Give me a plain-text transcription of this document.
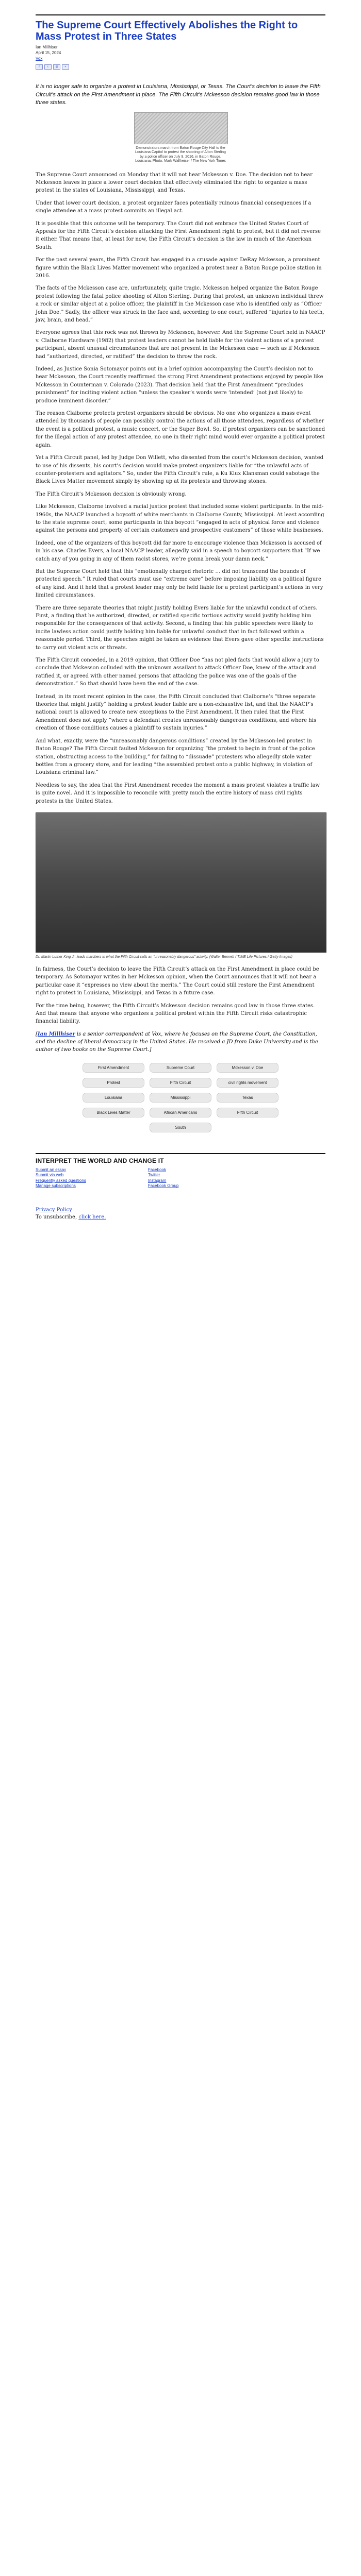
The Supreme Court Effectively Abolishes the Right to Mass Protest in Three States
Ian Millhiser
April 15, 2024
Vox
f	t	@	+

It is no longer safe to organize a protest in Louisiana, Mississippi, or Texas. The Court’s decision to leave the Fifth Circuit’s attack on the First Amendment in place. The Fifth Circuit’s Mckesson decision remains good law in those three states.

Demonstrators march from Baton Rouge City Hall to the Louisiana Capitol to protest the shooting of Alton Sterling by a police officer on July 9, 2016, in Baton Rouge, Louisiana. Photo: Mark Wallheiser / The New York Times

The Supreme Court announced on Monday that it will not hear Mckesson v. Doe. The decision not to hear Mckesson leaves in place a lower court decision that effectively eliminated the right to organize a mass protest in the states of Louisiana, Mississippi, and Texas.

Under that lower court decision, a protest organizer faces potentially ruinous financial consequences if a single attendee at a mass protest commits an illegal act.

It is possible that this outcome will be temporary. The Court did not embrace the United States Court of Appeals for the Fifth Circuit’s decision attacking the First Amendment right to protest, but it did not reverse it either. That means that, at least for now, the Fifth Circuit’s decision is the law in much of the American South.

For the past several years, the Fifth Circuit has engaged in a crusade against DeRay Mckesson, a prominent figure within the Black Lives Matter movement who organized a protest near a Baton Rouge police station in 2016.

The facts of the Mckesson case are, unfortunately, quite tragic. Mckesson helped organize the Baton Rouge protest following the fatal police shooting of Alton Sterling. During that protest, an unknown individual threw a rock or similar object at a police officer, the plaintiff in the Mckesson case who is identified only as “Officer John Doe.” Sadly, the officer was struck in the face and, according to one court, suffered “injuries to his teeth, jaw, brain, and head.”

Everyone agrees that this rock was not thrown by Mckesson, however. And the Supreme Court held in NAACP v. Claiborne Hardware (1982) that protest leaders cannot be held liable for the violent actions of a protest participant, absent unusual circumstances that are not present in the Mckesson case — such as if Mckesson had “authorized, directed, or ratified” the decision to throw the rock.

Indeed, as Justice Sonia Sotomayor points out in a brief opinion accompanying the Court’s decision not to hear Mckesson, the Court recently reaffirmed the strong First Amendment protections enjoyed by people like Mckesson in Counterman v. Colorado (2023). That decision held that the First Amendment “precludes punishment” for inciting violent action “unless the speaker’s words were ‘intended’ (not just likely) to produce imminent disorder.”

The reason Claiborne protects protest organizers should be obvious. No one who organizes a mass event attended by thousands of people can possibly control the actions of all those attendees, regardless of whether the event is a political protest, a music concert, or the Super Bowl. So, if protest organizers can be sanctioned for the illegal action of any protest attendee, no one in their right mind would ever organize a political protest again.

Yet a Fifth Circuit panel, led by Judge Don Willett, who dissented from the court’s Mckesson decision, wanted to use of his dissents, his court’s decision would make protest organizers liable for “the unlawful acts of counter-protesters and agitators.” So, under the Fifth Circuit’s rule, a Ku Klux Klansman could sabotage the Black Lives Matter movement simply by showing up at its protests and throwing stones.

The Fifth Circuit’s Mckesson decision is obviously wrong.

Like Mckesson, Claiborne involved a racial justice protest that included some violent participants. In the mid-1960s, the NAACP launched a boycott of white merchants in Claiborne County, Mississippi. At least according to the state supreme court, some participants in this boycott “engaged in acts of physical force and violence against the persons and property of certain customers and prospective customers” of those white businesses.

Indeed, one of the organizers of this boycott did far more to encourage violence than Mckesson is accused of in his case. Charles Evers, a local NAACP leader, allegedly said in a speech to boycott supporters that “If we catch any of you going in any of them racist stores, we’re gonna break your damn neck.”

But the Supreme Court held that this “emotionally charged rhetoric … did not transcend the bounds of protected speech.” It ruled that courts must use “extreme care” before imposing liability on a political figure of any kind. And it held that a protest leader may only be held liable for a protest participant’s actions in very limited circumstances.

There are three separate theories that might justify holding Evers liable for the unlawful conduct of others. First, a finding that he authorized, directed, or ratified specific tortious activity would justify holding him responsible for the consequences of that activity. Second, a finding that his public speeches were likely to incite lawless action could justify holding him liable for unlawful conduct that in fact followed within a reasonable period. Third, the speeches might be taken as evidence that Evers gave other specific instructions to carry out violent acts or threats.

The Fifth Circuit conceded, in a 2019 opinion, that Officer Doe “has not pled facts that would allow a jury to conclude that Mckesson colluded with the unknown assailant to attack Officer Doe, knew of the attack and ratified it, or agreed with other named persons that attacking the police was one of the goals of the demonstration.” So that should have been the end of the case.

Instead, in its most recent opinion in the case, the Fifth Circuit concluded that Claiborne’s “three separate theories that might justify” holding a protest leader liable are a non-exhaustive list, and that the NAACP’s national court is allowed to create new exceptions to the First Amendment. It then ruled that the First Amendment does not apply “where a defendant creates unreasonably dangerous conditions, and where his creation of those conditions causes a plaintiff to sustain injuries.”

And what, exactly, were the “unreasonably dangerous conditions” created by the Mckesson-led protest in Baton Rouge? The Fifth Circuit faulted Mckesson for organizing “the protest to begin in front of the police station, obstructing access to the building,” for failing to “dissuade” protesters who allegedly stole water bottles from a grocery store, and for leading “the assembled protest onto a public highway, in violation of Louisiana criminal law.”

Needless to say, the idea that the First Amendment recedes the moment a mass protest violates a traffic law is quite novel. And it is impossible to reconcile with pretty much the entire history of mass civil rights protests in the United States.

Dr. Martin Luther King Jr. leads marchers in what the Fifth Circuit calls an “unreasonably dangerous” activity. (Walter Bennett / TIME Life Pictures / Getty Images)

In fairness, the Court’s decision to leave the Fifth Circuit’s attack on the First Amendment in place could be temporary. As Sotomayor writes in her Mckesson opinion, when the Court announces that it will not hear a particular case it “expresses no view about the merits.” The Court could still restore the First Amendment right to protest in Louisiana, Mississippi, and Texas in a future case.

For the time being, however, the Fifth Circuit’s Mckesson decision remains good law in those three states. And that means that anyone who organizes a political protest within the Fifth Circuit risks catastrophic financial liability.

[Ian Millhiser is a senior correspondent at Vox, where he focuses on the Supreme Court, the Constitution, and the decline of liberal democracy in the United States. He received a JD from Duke University and is the author of two books on the Supreme Court.]

First Amendment	Supreme Court	Mckesson v. Doe
Protest	Fifth Circuit	civil rights movement
Louisiana	Mississippi	Texas
Black Lives Matter	African Americans	Fifth Circuit
South
INTERPRET THE WORLD AND CHANGE IT
Submit an essay
Submit via web
Frequently asked questions
Manage subscriptions
Facebook
Twitter
Instagram
Facebook Group
Privacy Policy
To unsubscribe, click here.
